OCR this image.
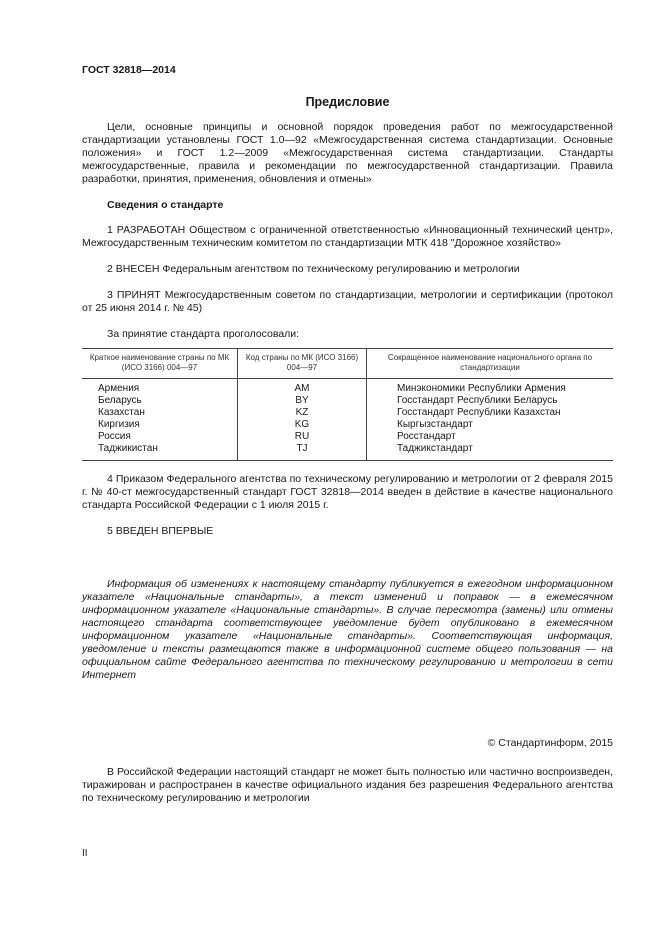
ГОСТ 32818—2014
Предисловие

Цели, основные принципы и основной порядок проведения работ по межгосударственной стандартизации установлены ГОСТ 1.0—92 «Межгосударственная система стандартизации. Основные положения» и ГОСТ 1.2—2009 «Межгосударственная система стандартизации. Стандарты межгосударственные, правила и рекомендации по межгосударственной стандартизации. Правила разработки, принятия, применения, обновления и отмены»

Сведения о стандарте

1 РАЗРАБОТАН Обществом с ограниченной ответственностью «Инновационный технический центр», Межгосударственным техническим комитетом по стандартизации МТК 418 "Дорожное хозяйство»

2 ВНЕСЕН Федеральным агентством по техническому регулированию и метрологии

3 ПРИНЯТ Межгосударственным советом по стандартизации, метрологии и сертификации (протокол от 25 июня 2014 г. № 45)

За принятие стандарта проголосовали:

Краткое наименование страны по МК (ИСО 3166) 004—97	Код страны по МК (ИСО 3166) 004—97	Сокращенное наименование национального органа по стандартизации
Армения	AM	Минэкономики Республики Армения
Беларусь	BY	Госстандарт Республики Беларусь
Казахстан	KZ	Госстандарт Республики Казахстан
Киргизия	KG	Кыргызстандарт
Россия	RU	Росстандарт
Таджикистан	TJ	Таджикстандарт

4 Приказом Федерального агентства по техническому регулированию и метрологии от 2 февраля 2015 г. № 40-ст межгосударственный стандарт ГОСТ 32818—2014 введен в действие в качестве национального стандарта Российской Федерации с 1 июля 2015 г.

5 ВВЕДЕН ВПЕРВЫЕ

Информация об изменениях к настоящему стандарту публикуется в ежегодном информационном указателе «Национальные стандарты», а текст изменений и поправок — в ежемесячном информационном указателе «Национальные стандарты». В случае пересмотра (замены) или отмены настоящего стандарта соответствующее уведомление будет опубликовано в ежемесячном информационном указателе «Национальные стандарты». Соответствующая информация, уведомление и тексты размещаются также в информационной системе общего пользования — на официальном сайте Федерального агентства по техническому регулированию и метрологии в сети Интернет

© Стандартинформ, 2015

В Российской Федерации настоящий стандарт не может быть полностью или частично воспроизведен, тиражирован и распространен в качестве официального издания без разрешения Федерального агентства по техническому регулированию и метрологии

II
